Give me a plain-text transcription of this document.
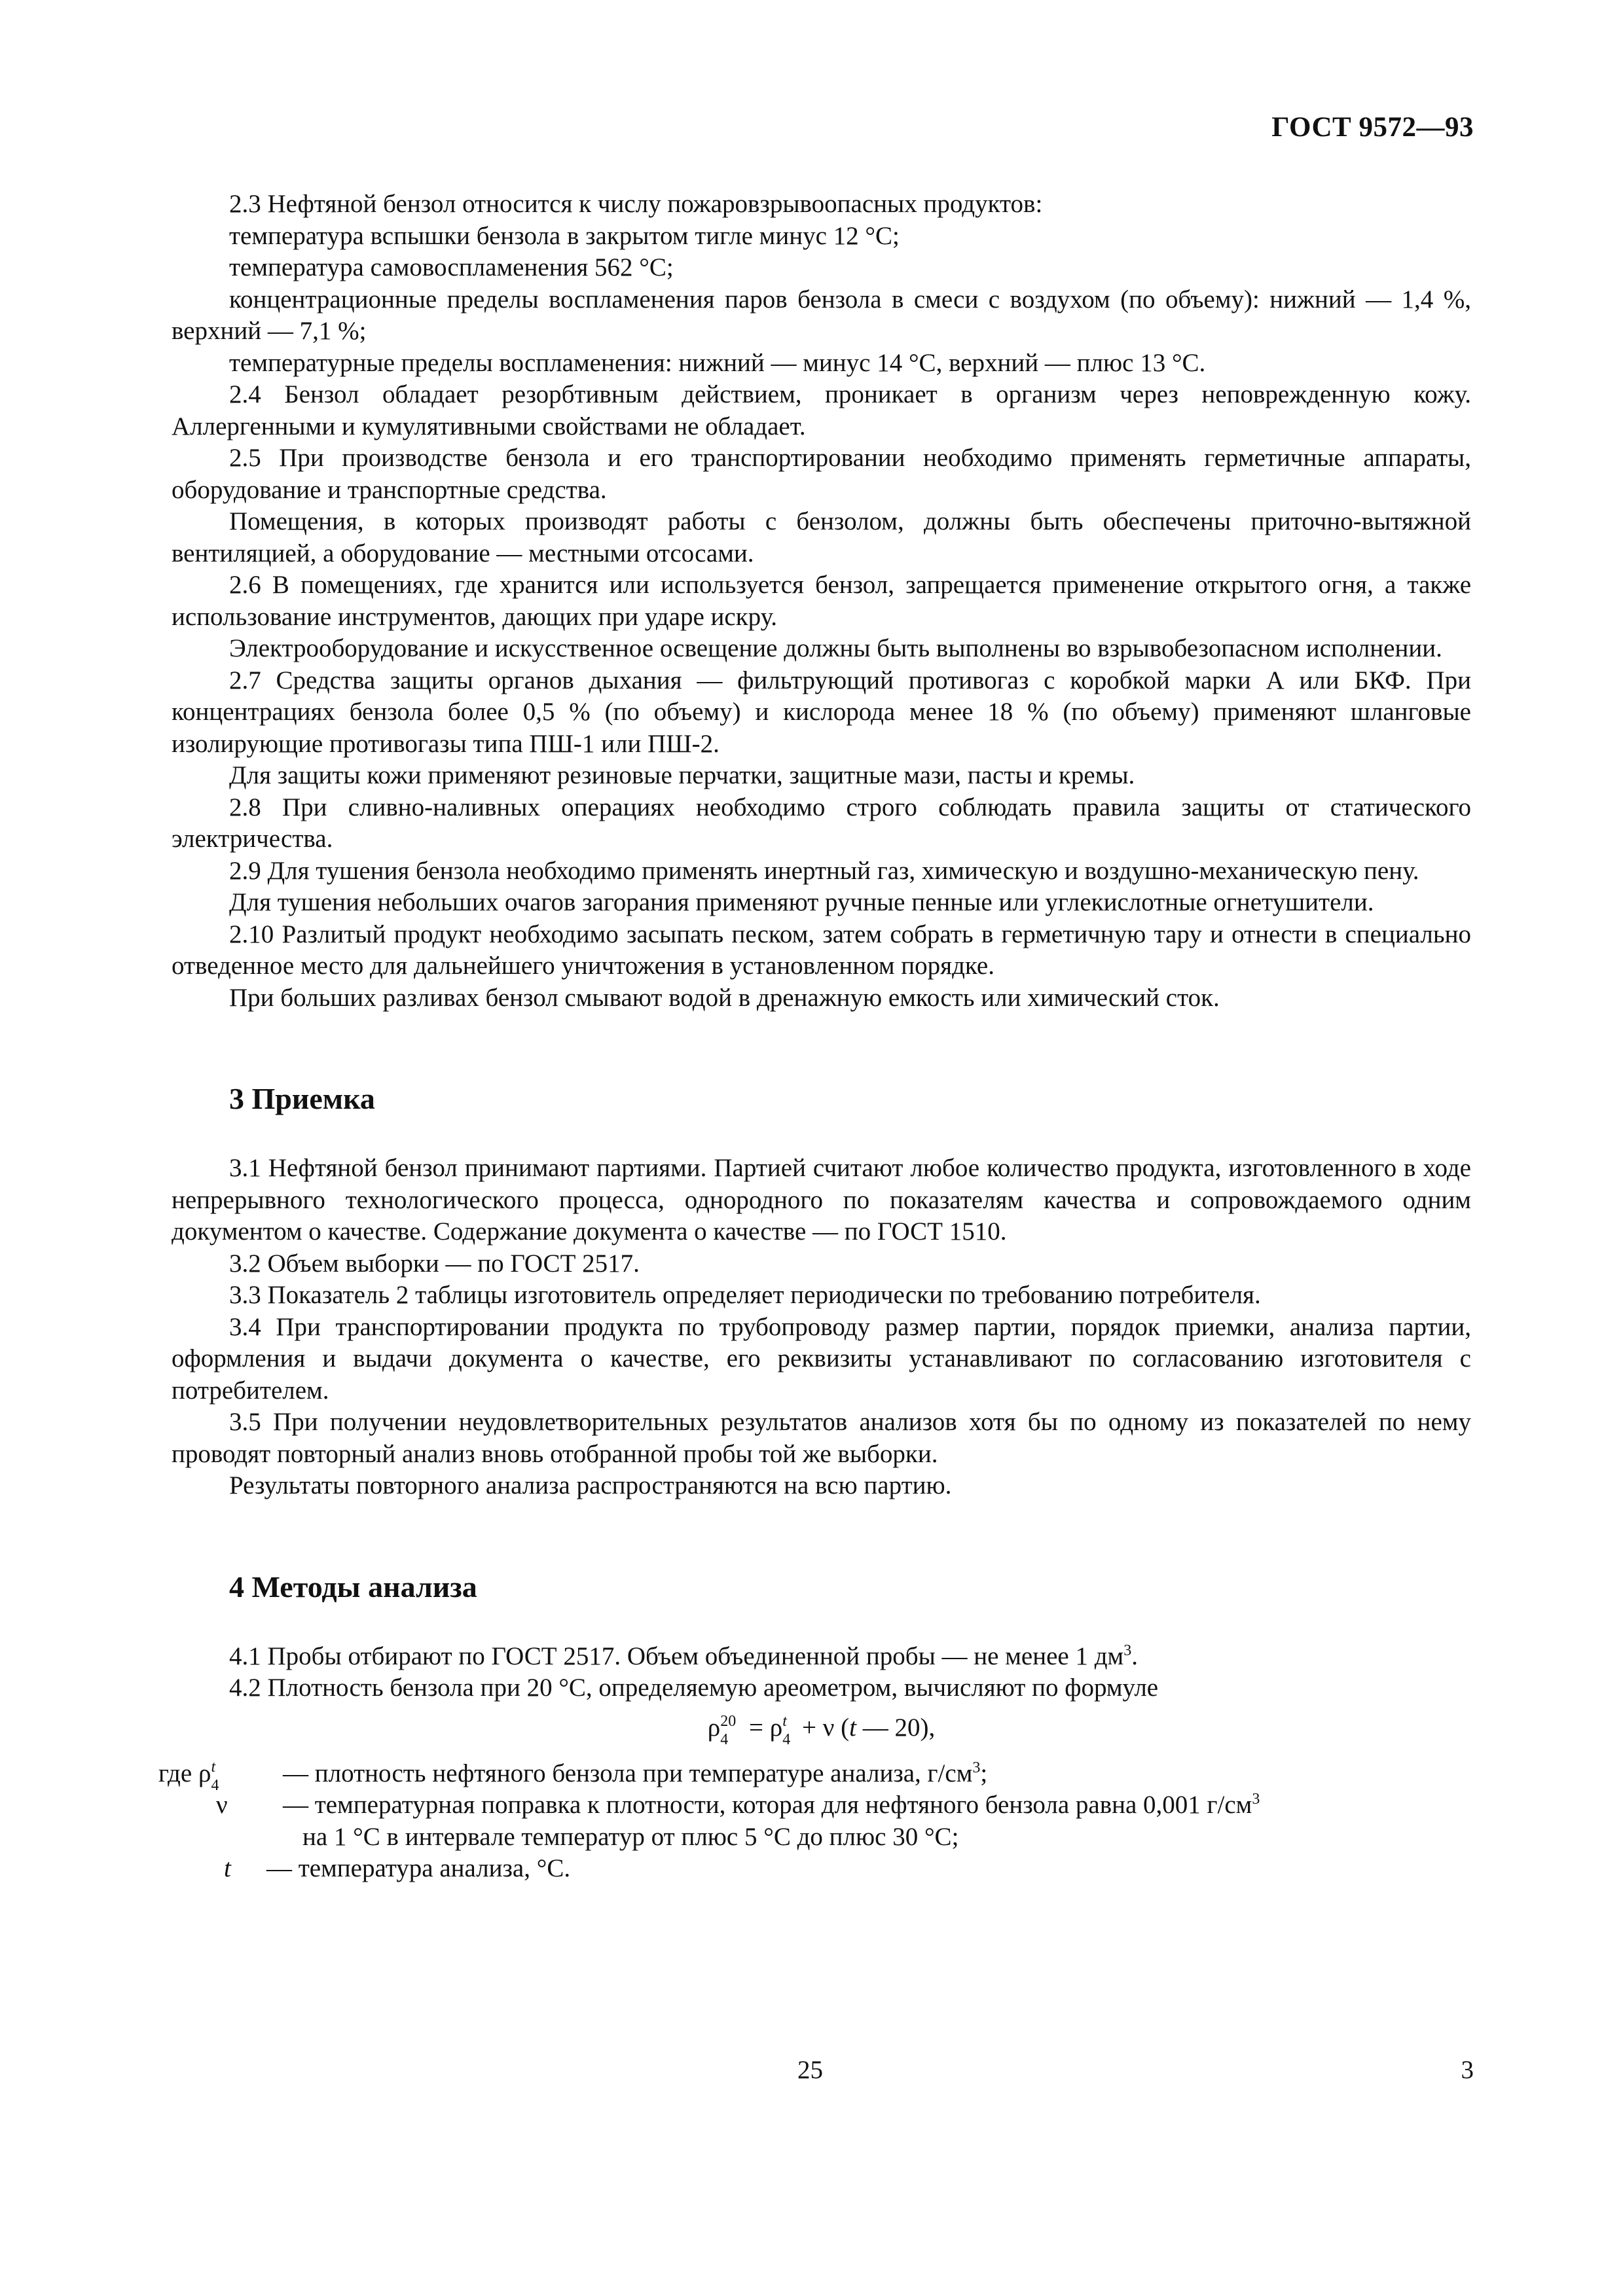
ГОСТ 9572—93

2.3 Нефтяной бензол относится к числу пожаровзрывоопасных продуктов:

температура вспышки бензола в закрытом тигле минус 12 °С;

температура самовоспламенения 562 °С;

концентрационные пределы воспламенения паров бензола в смеси с воздухом (по объему): нижний — 1,4 %, верхний — 7,1 %;

температурные пределы воспламенения: нижний — минус 14 °С, верхний — плюс 13 °С.

2.4 Бензол обладает резорбтивным действием, проникает в организм через неповрежденную кожу. Аллергенными и кумулятивными свойствами не обладает.

2.5 При производстве бензола и его транспортировании необходимо применять герметичные аппараты, оборудование и транспортные средства.

Помещения, в которых производят работы с бензолом, должны быть обеспечены приточно-вытяжной вентиляцией, а оборудование — местными отсосами.

2.6 В помещениях, где хранится или используется бензол, запрещается применение открытого огня, а также использование инструментов, дающих при ударе искру.

Электрооборудование и искусственное освещение должны быть выполнены во взрывобезопасном исполнении.

2.7 Средства защиты органов дыхания — фильтрующий противогаз с коробкой марки А или БКФ. При концентрациях бензола более 0,5 % (по объему) и кислорода менее 18 % (по объему) применяют шланговые изолирующие противогазы типа ПШ-1 или ПШ-2.

Для защиты кожи применяют резиновые перчатки, защитные мази, пасты и кремы.

2.8 При сливно-наливных операциях необходимо строго соблюдать правила защиты от статического электричества.

2.9 Для тушения бензола необходимо применять инертный газ, химическую и воздушно-механическую пену.

Для тушения небольших очагов загорания применяют ручные пенные или углекислотные огнетушители.

2.10 Разлитый продукт необходимо засыпать песком, затем собрать в герметичную тару и отнести в специально отведенное место для дальнейшего уничтожения в установленном порядке.

При больших разливах бензол смывают водой в дренажную емкость или химический сток.

3 Приемка

3.1 Нефтяной бензол принимают партиями. Партией считают любое количество продукта, изготовленного в ходе непрерывного технологического процесса, однородного по показателям качества и сопровождаемого одним документом о качестве. Содержание документа о качестве — по ГОСТ 1510.

3.2 Объем выборки — по ГОСТ 2517.

3.3 Показатель 2 таблицы изготовитель определяет периодически по требованию потребителя.

3.4 При транспортировании продукта по трубопроводу размер партии, порядок приемки, анализа партии, оформления и выдачи документа о качестве, его реквизиты устанавливают по согласованию изготовителя с потребителем.

3.5 При получении неудовлетворительных результатов анализов хотя бы по одному из показателей по нему проводят повторный анализ вновь отобранной пробы той же выборки.

Результаты повторного анализа распространяются на всю партию.

4 Методы анализа

4.1 Пробы отбирают по ГОСТ 2517. Объем объединенной пробы — не менее 1 $дм^3$.

4.2 Плотность бензола при 20 °С, определяемую ареометром, вычисляют по формуле

ρ 20
4 = ρ t
4 + ν (t — 20),
где ρ t
4	— плотность нефтяного бензола при температуре анализа, $г/см^3$;
ν — температурная поправка к плотности, которая для нефтяного бензола равна 0,001 $г/см^3$
на 1 °С в интервале температур от плюс 5 °С до плюс 30 °С;
t — температура анализа, °С.
25	3
